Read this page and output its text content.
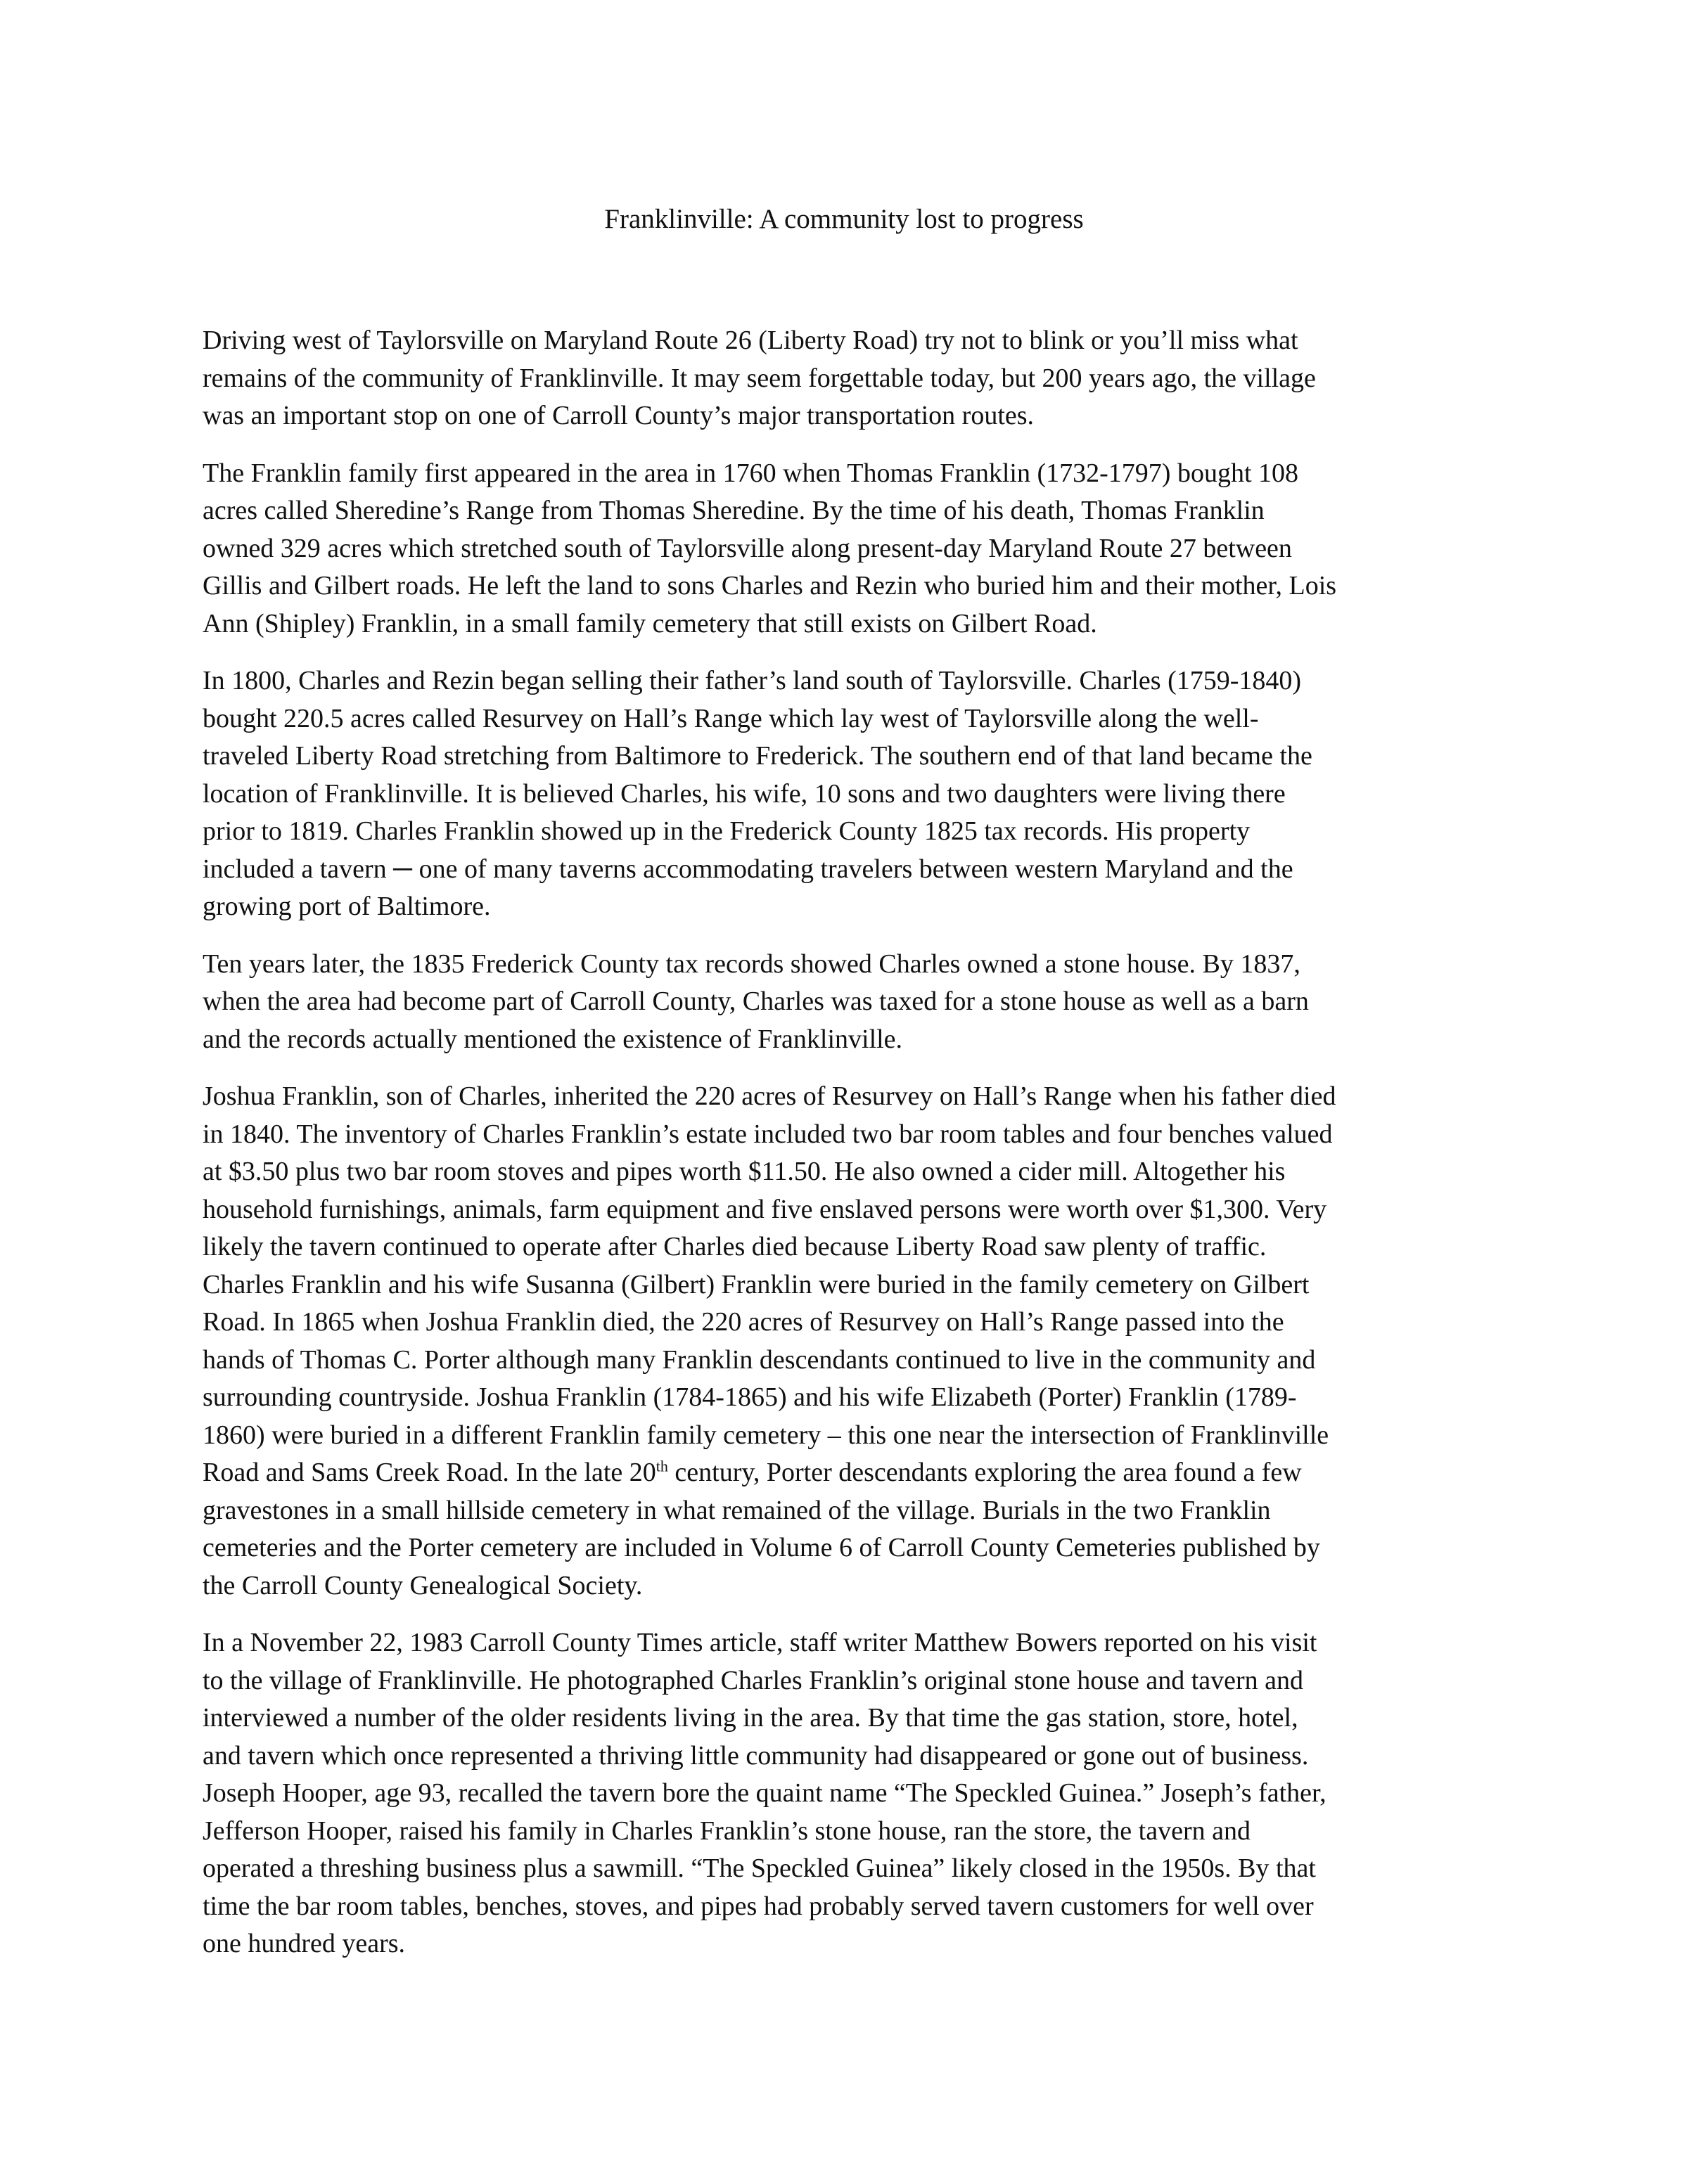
Franklinville: A community lost to progress

Driving west of Taylorsville on Maryland Route 26 (Liberty Road) try not to blink or you’ll miss what
remains of the community of Franklinville. It may seem forgettable today, but 200 years ago, the village
was an important stop on one of Carroll County’s major transportation routes.

The Franklin family first appeared in the area in 1760 when Thomas Franklin (1732-1797) bought 108
acres called Sheredine’s Range from Thomas Sheredine. By the time of his death, Thomas Franklin
owned 329 acres which stretched south of Taylorsville along present-day Maryland Route 27 between
Gillis and Gilbert roads. He left the land to sons Charles and Rezin who buried him and their mother, Lois
Ann (Shipley) Franklin, in a small family cemetery that still exists on Gilbert Road.

In 1800, Charles and Rezin began selling their father’s land south of Taylorsville. Charles (1759-1840)
bought 220.5 acres called Resurvey on Hall’s Range which lay west of Taylorsville along the well-
traveled Liberty Road stretching from Baltimore to Frederick. The southern end of that land became the
location of Franklinville. It is believed Charles, his wife, 10 sons and two daughters were living there
prior to 1819. Charles Franklin showed up in the Frederick County 1825 tax records. His property
included a tavern ─ one of many taverns accommodating travelers between western Maryland and the
growing port of Baltimore.

Ten years later, the 1835 Frederick County tax records showed Charles owned a stone house. By 1837,
when the area had become part of Carroll County, Charles was taxed for a stone house as well as a barn
and the records actually mentioned the existence of Franklinville.

Joshua Franklin, son of Charles, inherited the 220 acres of Resurvey on Hall’s Range when his father died
in 1840. The inventory of Charles Franklin’s estate included two bar room tables and four benches valued
at $3.50 plus two bar room stoves and pipes worth $11.50. He also owned a cider mill. Altogether his
household furnishings, animals, farm equipment and five enslaved persons were worth over $1,300. Very
likely the tavern continued to operate after Charles died because Liberty Road saw plenty of traffic.
Charles Franklin and his wife Susanna (Gilbert) Franklin were buried in the family cemetery on Gilbert
Road. In 1865 when Joshua Franklin died, the 220 acres of Resurvey on Hall’s Range passed into the
hands of Thomas C. Porter although many Franklin descendants continued to live in the community and
surrounding countryside. Joshua Franklin (1784-1865) and his wife Elizabeth (Porter) Franklin (1789-
1860) were buried in a different Franklin family cemetery – this one near the intersection of Franklinville
Road and Sams Creek Road. In the late 20th century, Porter descendants exploring the area found a few
gravestones in a small hillside cemetery in what remained of the village. Burials in the two Franklin
cemeteries and the Porter cemetery are included in Volume 6 of Carroll County Cemeteries published by
the Carroll County Genealogical Society.

In a November 22, 1983 Carroll County Times article, staff writer Matthew Bowers reported on his visit
to the village of Franklinville. He photographed Charles Franklin’s original stone house and tavern and
interviewed a number of the older residents living in the area. By that time the gas station, store, hotel,
and tavern which once represented a thriving little community had disappeared or gone out of business.
Joseph Hooper, age 93, recalled the tavern bore the quaint name “The Speckled Guinea.” Joseph’s father,
Jefferson Hooper, raised his family in Charles Franklin’s stone house, ran the store, the tavern and
operated a threshing business plus a sawmill. “The Speckled Guinea” likely closed in the 1950s. By that
time the bar room tables, benches, stoves, and pipes had probably served tavern customers for well over
one hundred years.
